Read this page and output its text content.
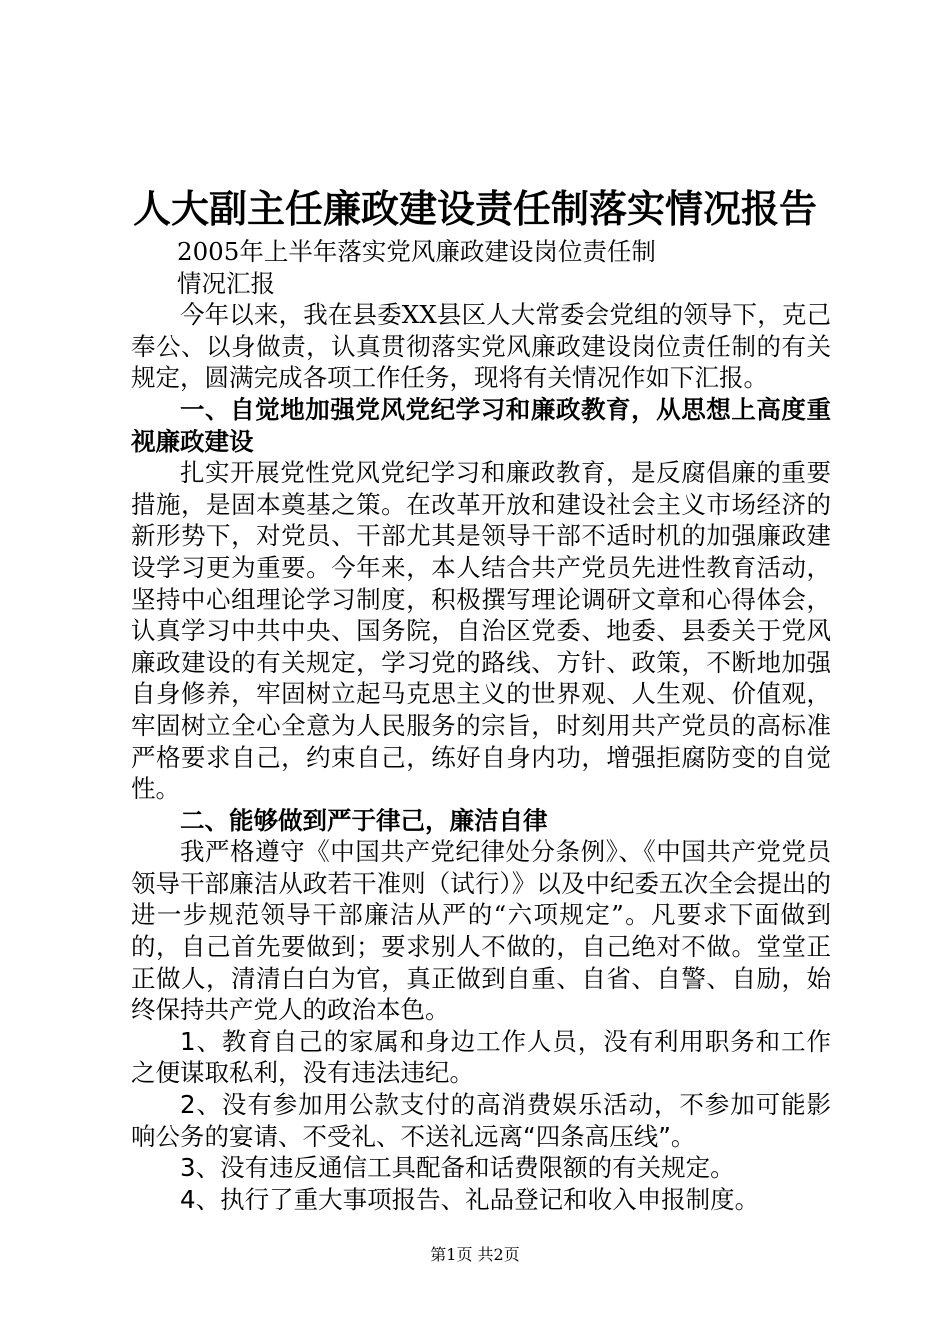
人大副主任廉政建设责任制落实情况报告

2005年上半年落实党风廉政建设岗位责任制

情况汇报

今年以来，我在县委XX县区人大常委会党组的领导下，克己奉公、以身做责，认真贯彻落实党风廉政建设岗位责任制的有关规定，圆满完成各项工作任务，现将有关情况作如下汇报。

一、自觉地加强党风党纪学习和廉政教育，从思想上高度重视廉政建设

扎实开展党性党风党纪学习和廉政教育，是反腐倡廉的重要措施，是固本奠基之策。在改革开放和建设社会主义市场经济的新形势下，对党员、干部尤其是领导干部不适时机的加强廉政建设学习更为重要。今年来，本人结合共产党员先进性教育活动，坚持中心组理论学习制度，积极撰写理论调研文章和心得体会，认真学习中共中央、国务院，自治区党委、地委、县委关于党风廉政建设的有关规定，学习党的路线、方针、政策，不断地加强自身修养，牢固树立起马克思主义的世界观、人生观、价值观，牢固树立全心全意为人民服务的宗旨，时刻用共产党员的高标准严格要求自己，约束自己，练好自身内功，增强拒腐防变的自觉性。

二、能够做到严于律己，廉洁自律

我严格遵守《中国共产党纪律处分条例》、《中国共产党党员领导干部廉洁从政若干准则（试行）》以及中纪委五次全会提出的进一步规范领导干部廉洁从严的“六项规定”。凡要求下面做到的，自己首先要做到；要求别人不做的，自己绝对不做。堂堂正正做人，清清白白为官，真正做到自重、自省、自警、自励，始终保持共产党人的政治本色。

1、教育自己的家属和身边工作人员，没有利用职务和工作之便谋取私利，没有违法违纪。

2、没有参加用公款支付的高消费娱乐活动，不参加可能影响公务的宴请、不受礼、不送礼远离“四条高压线”。

3、没有违反通信工具配备和话费限额的有关规定。

4、执行了重大事项报告、礼品登记和收入申报制度。

第1页 共2页
